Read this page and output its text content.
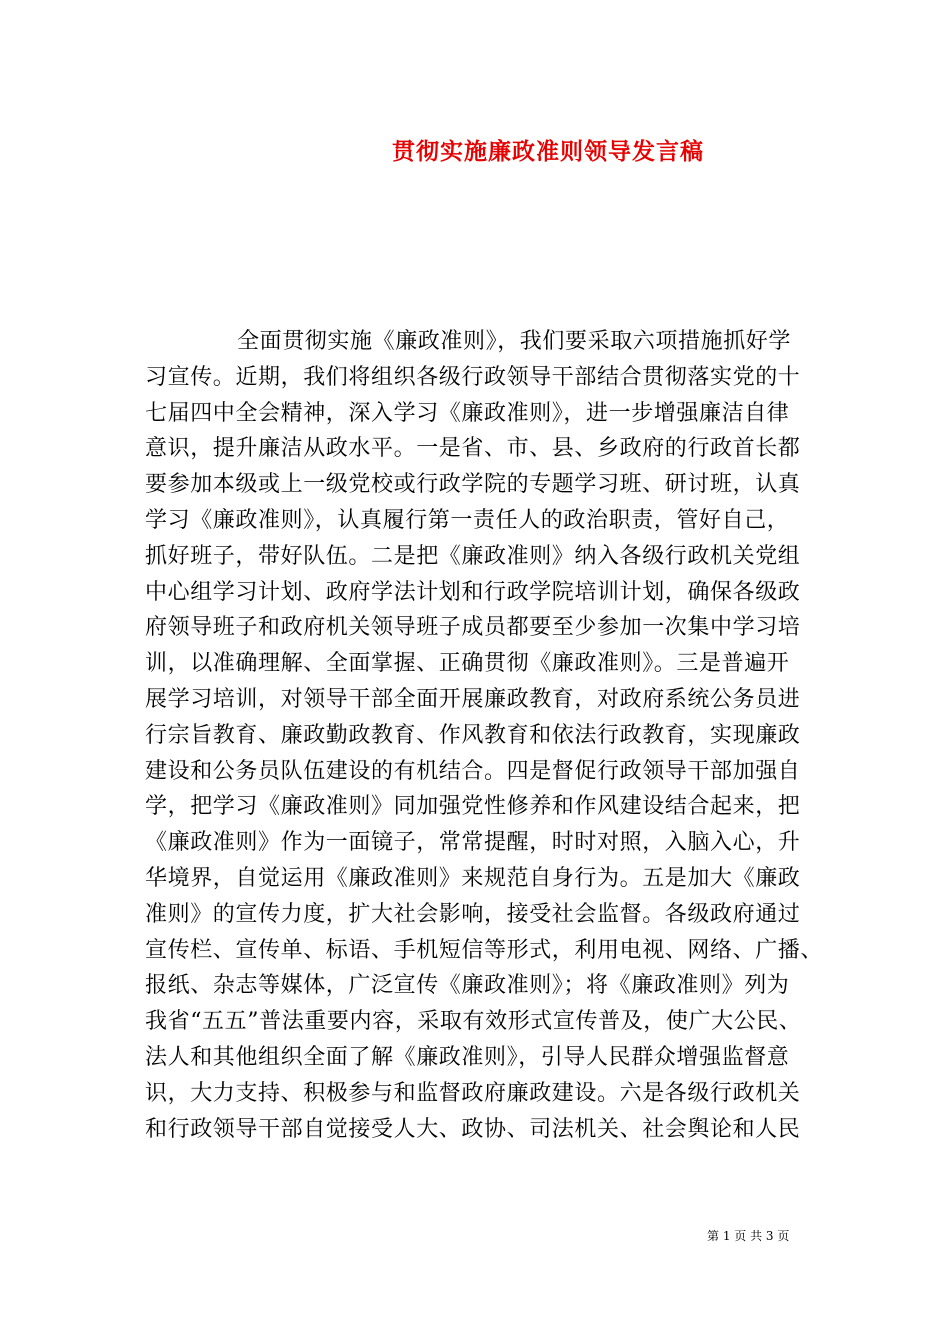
贯彻实施廉政准则领导发言稿
全面贯彻实施《廉政准则》，我们要采取六项措施抓好学
习宣传。近期，我们将组织各级行政领导干部结合贯彻落实党的十
七届四中全会精神，深入学习《廉政准则》，进一步增强廉洁自律
意识，提升廉洁从政水平。一是省、市、县、乡政府的行政首长都
要参加本级或上一级党校或行政学院的专题学习班、研讨班，认真
学习《廉政准则》，认真履行第一责任人的政治职责，管好自己，
抓好班子，带好队伍。二是把《廉政准则》纳入各级行政机关党组
中心组学习计划、政府学法计划和行政学院培训计划，确保各级政
府领导班子和政府机关领导班子成员都要至少参加一次集中学习培
训，以准确理解、全面掌握、正确贯彻《廉政准则》。三是普遍开
展学习培训，对领导干部全面开展廉政教育，对政府系统公务员进
行宗旨教育、廉政勤政教育、作风教育和依法行政教育，实现廉政
建设和公务员队伍建设的有机结合。四是督促行政领导干部加强自
学，把学习《廉政准则》同加强党性修养和作风建设结合起来，把
《廉政准则》作为一面镜子，常常提醒，时时对照，入脑入心，升
华境界，自觉运用《廉政准则》来规范自身行为。五是加大《廉政
准则》的宣传力度，扩大社会影响，接受社会监督。各级政府通过
宣传栏、宣传单、标语、手机短信等形式，利用电视、网络、广播、
报纸、杂志等媒体，广泛宣传《廉政准则》；将《廉政准则》列为
我省“五五”普法重要内容，采取有效形式宣传普及，使广大公民、
法人和其他组织全面了解《廉政准则》，引导人民群众增强监督意
识，大力支持、积极参与和监督政府廉政建设。六是各级行政机关
和行政领导干部自觉接受人大、政协、司法机关、社会舆论和人民
第 1 页 共 3 页
